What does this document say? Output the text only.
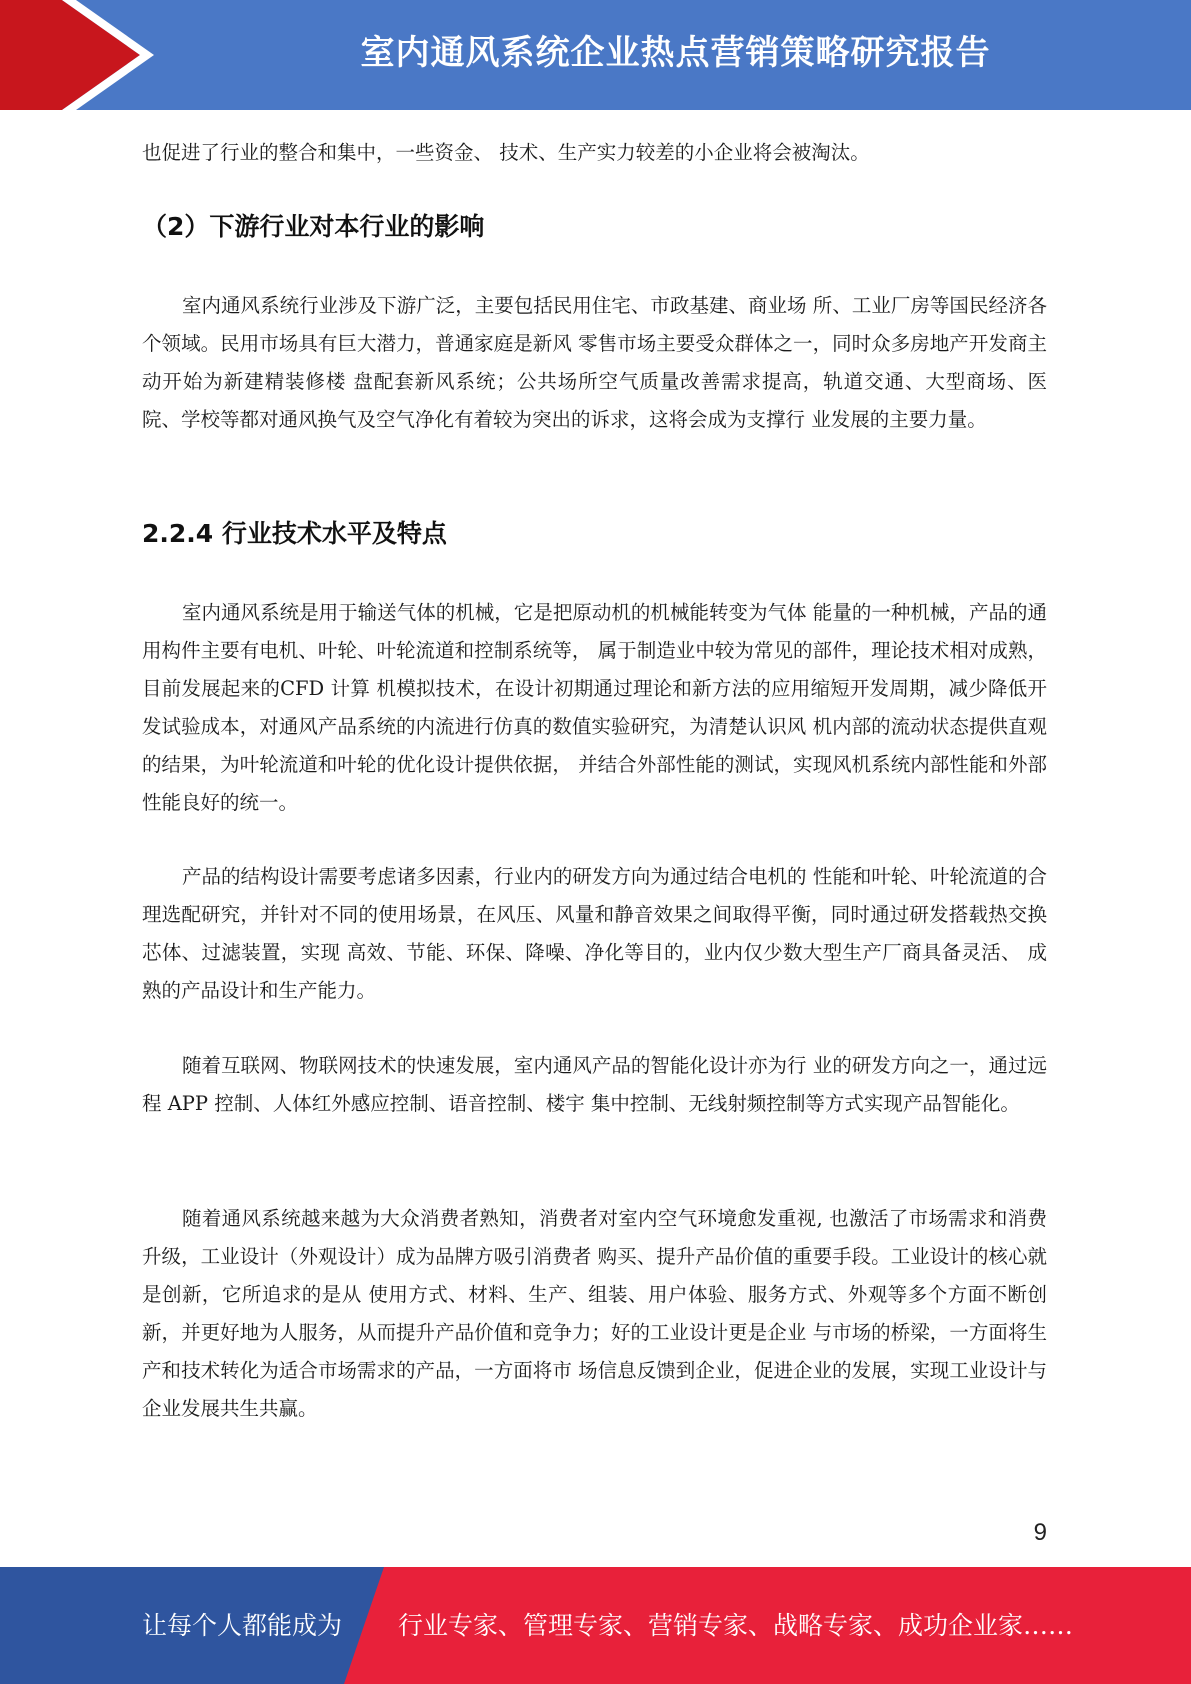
室内通风系统企业热点营销策略研究报告

也促进了行业的整合和集中，一些资金、 技术、生产实力较差的小企业将会被淘汰。

（2）下游行业对本行业的影响

室内通风系统行业涉及下游广泛，主要包括民用住宅、市政基建、商业场 所、工业厂房等国民经济各个领域。民用市场具有巨大潜力，普通家庭是新风 零售市场主要受众群体之一，同时众多房地产开发商主动开始为新建精装修楼 盘配套新风系统；公共场所空气质量改善需求提高，轨道交通、大型商场、医 院、学校等都对通风换气及空气净化有着较为突出的诉求，这将会成为支撑行 业发展的主要力量。

2.2.4 行业技术水平及特点

室内通风系统是用于输送气体的机械，它是把原动机的机械能转变为气体 能量的一种机械，产品的通用构件主要有电机、叶轮、叶轮流道和控制系统等， 属于制造业中较为常见的部件，理论技术相对成熟，目前发展起来的CFD 计算 机模拟技术，在设计初期通过理论和新方法的应用缩短开发周期，减少降低开 发试验成本，对通风产品系统的内流进行仿真的数值实验研究，为清楚认识风 机内部的流动状态提供直观的结果，为叶轮流道和叶轮的优化设计提供依据， 并结合外部性能的测试，实现风机系统内部性能和外部性能良好的统一。

产品的结构设计需要考虑诸多因素，行业内的研发方向为通过结合电机的 性能和叶轮、叶轮流道的合理选配研究，并针对不同的使用场景，在风压、风量和静音效果之间取得平衡，同时通过研发搭载热交换芯体、过滤装置，实现 高效、节能、环保、降噪、净化等目的，业内仅少数大型生产厂商具备灵活、 成熟的产品设计和生产能力。

随着互联网、物联网技术的快速发展，室内通风产品的智能化设计亦为行 业的研发方向之一，通过远程 APP 控制、人体红外感应控制、语音控制、楼宇 集中控制、无线射频控制等方式实现产品智能化。

随着通风系统越来越为大众消费者熟知，消费者对室内空气环境愈发重视, 也激活了市场需求和消费升级，工业设计（外观设计）成为品牌方吸引消费者 购买、提升产品价值的重要手段。工业设计的核心就是创新，它所追求的是从 使用方式、材料、生产、组装、用户体验、服务方式、外观等多个方面不断创 新，并更好地为人服务，从而提升产品价值和竞争力；好的工业设计更是企业 与市场的桥梁，一方面将生产和技术转化为适合市场需求的产品，一方面将市 场信息反馈到企业，促进企业的发展，实现工业设计与企业发展共生共赢。

9
让每个人都能成为 行业专家、管理专家、营销专家、战略专家、成功企业家……
